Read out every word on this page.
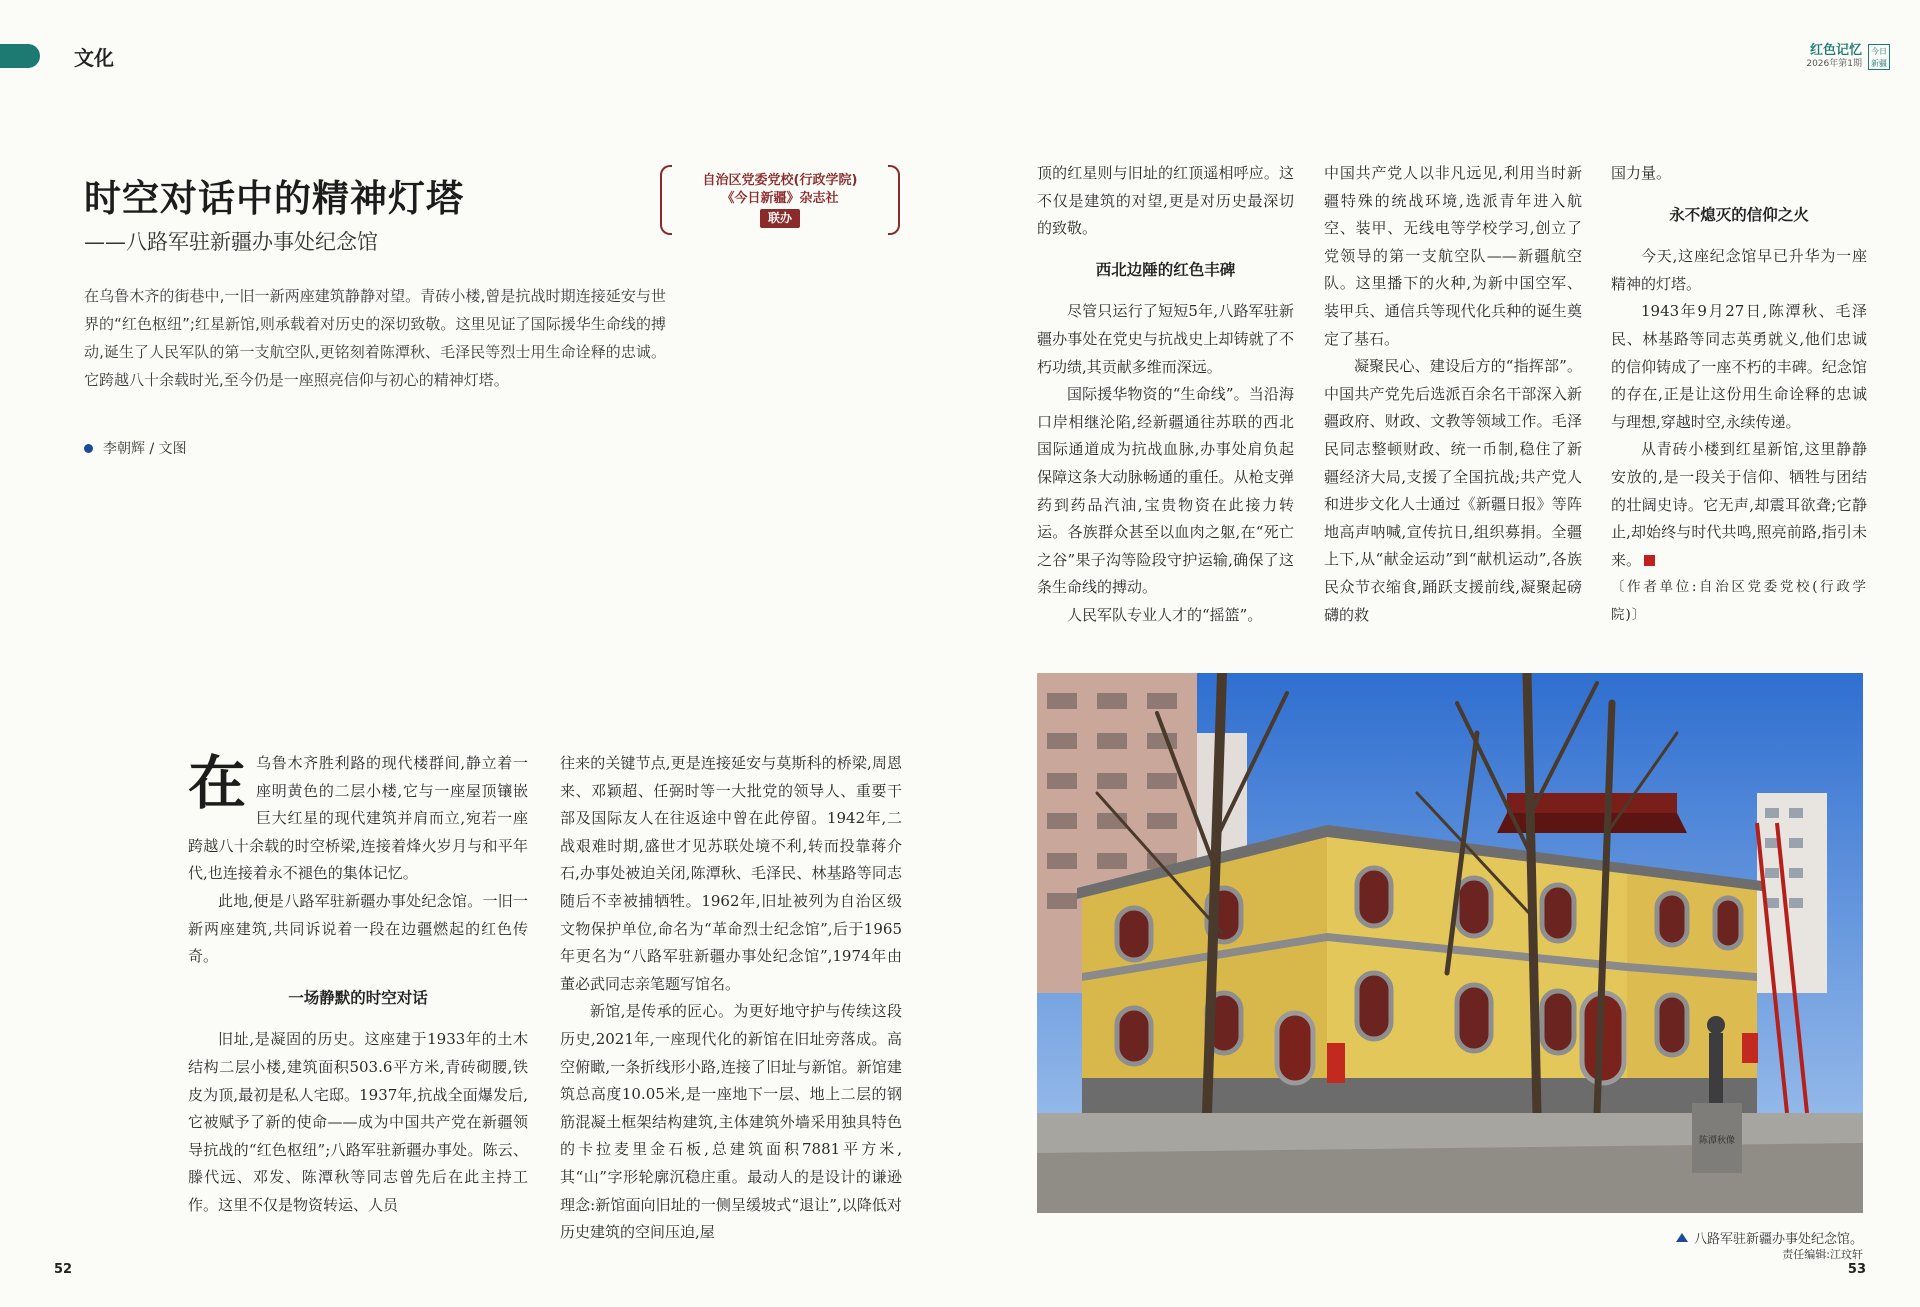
文化	红色记忆
2026年第1期
今日新疆
时空对话中的精神灯塔
——八路军驻新疆办事处纪念馆
自治区党委党校(行政学院)
《今日新疆》杂志社
联办
在乌鲁木齐的街巷中,一旧一新两座建筑静静对望。青砖小楼,曾是抗战时期连接延安与世界的“红色枢纽”;红星新馆,则承载着对历史的深切致敬。这里见证了国际援华生命线的搏动,诞生了人民军队的第一支航空队,更铭刻着陈潭秋、毛泽民等烈士用生命诠释的忠诚。它跨越八十余载时光,至今仍是一座照亮信仰与初心的精神灯塔。
李朝辉 / 文图

在乌鲁木齐胜利路的现代楼群间,静立着一座明黄色的二层小楼,它与一座屋顶镶嵌巨大红星的现代建筑并肩而立,宛若一座跨越八十余载的时空桥梁,连接着烽火岁月与和平年代,也连接着永不褪色的集体记忆。

此地,便是八路军驻新疆办事处纪念馆。一旧一新两座建筑,共同诉说着一段在边疆燃起的红色传奇。

一场静默的时空对话

旧址,是凝固的历史。这座建于1933年的土木结构二层小楼,建筑面积503.6平方米,青砖砌腰,铁皮为顶,最初是私人宅邸。1937年,抗战全面爆发后,它被赋予了新的使命——成为中国共产党在新疆领导抗战的“红色枢纽”;八路军驻新疆办事处。陈云、滕代远、邓发、陈潭秋等同志曾先后在此主持工作。这里不仅是物资转运、人员

往来的关键节点,更是连接延安与莫斯科的桥梁,周恩来、邓颖超、任弼时等一大批党的领导人、重要干部及国际友人在往返途中曾在此停留。1942年,二战艰难时期,盛世才见苏联处境不利,转而投靠蒋介石,办事处被迫关闭,陈潭秋、毛泽民、林基路等同志随后不幸被捕牺牲。1962年,旧址被列为自治区级文物保护单位,命名为“革命烈士纪念馆”,后于1965年更名为“八路军驻新疆办事处纪念馆”,1974年由董必武同志亲笔题写馆名。

新馆,是传承的匠心。为更好地守护与传续这段历史,2021年,一座现代化的新馆在旧址旁落成。高空俯瞰,一条折线形小路,连接了旧址与新馆。新馆建筑总高度10.05米,是一座地下一层、地上二层的钢筋混凝土框架结构建筑,主体建筑外墙采用独具特色的卡拉麦里金石板,总建筑面积7881平方米,其“山”字形轮廓沉稳庄重。最动人的是设计的谦逊理念:新馆面向旧址的一侧呈缓坡式“退让”,以降低对历史建筑的空间压迫,屋

顶的红星则与旧址的红顶遥相呼应。这不仅是建筑的对望,更是对历史最深切的致敬。

西北边陲的红色丰碑

尽管只运行了短短5年,八路军驻新疆办事处在党史与抗战史上却铸就了不朽功绩,其贡献多维而深远。

国际援华物资的“生命线”。当沿海口岸相继沦陷,经新疆通往苏联的西北国际通道成为抗战血脉,办事处肩负起保障这条大动脉畅通的重任。从枪支弹药到药品汽油,宝贵物资在此接力转运。各族群众甚至以血肉之躯,在“死亡之谷”果子沟等险段守护运输,确保了这条生命线的搏动。

人民军队专业人才的“摇篮”。

中国共产党人以非凡远见,利用当时新疆特殊的统战环境,选派青年进入航空、装甲、无线电等学校学习,创立了党领导的第一支航空队——新疆航空队。这里播下的火种,为新中国空军、装甲兵、通信兵等现代化兵种的诞生奠定了基石。

凝聚民心、建设后方的“指挥部”。中国共产党先后选派百余名干部深入新疆政府、财政、文教等领域工作。毛泽民同志整顿财政、统一币制,稳住了新疆经济大局,支援了全国抗战;共产党人和进步文化人士通过《新疆日报》等阵地高声呐喊,宣传抗日,组织募捐。全疆上下,从“献金运动”到“献机运动”,各族民众节衣缩食,踊跃支援前线,凝聚起磅礴的救

国力量。

永不熄灭的信仰之火

今天,这座纪念馆早已升华为一座精神的灯塔。

1943年9月27日,陈潭秋、毛泽民、林基路等同志英勇就义,他们忠诚的信仰铸成了一座不朽的丰碑。纪念馆的存在,正是让这份用生命诠释的忠诚与理想,穿越时空,永续传递。

从青砖小楼到红星新馆,这里静静安放的,是一段关于信仰、牺牲与团结的壮阔史诗。它无声,却震耳欲聋;它静止,却始终与时代共鸣,照亮前路,指引未来。

〔作者单位:自治区党委党校(行政学院)〕

陈潭秋像
八路军驻新疆办事处纪念馆。
责任编辑:江玟轩
52	53
